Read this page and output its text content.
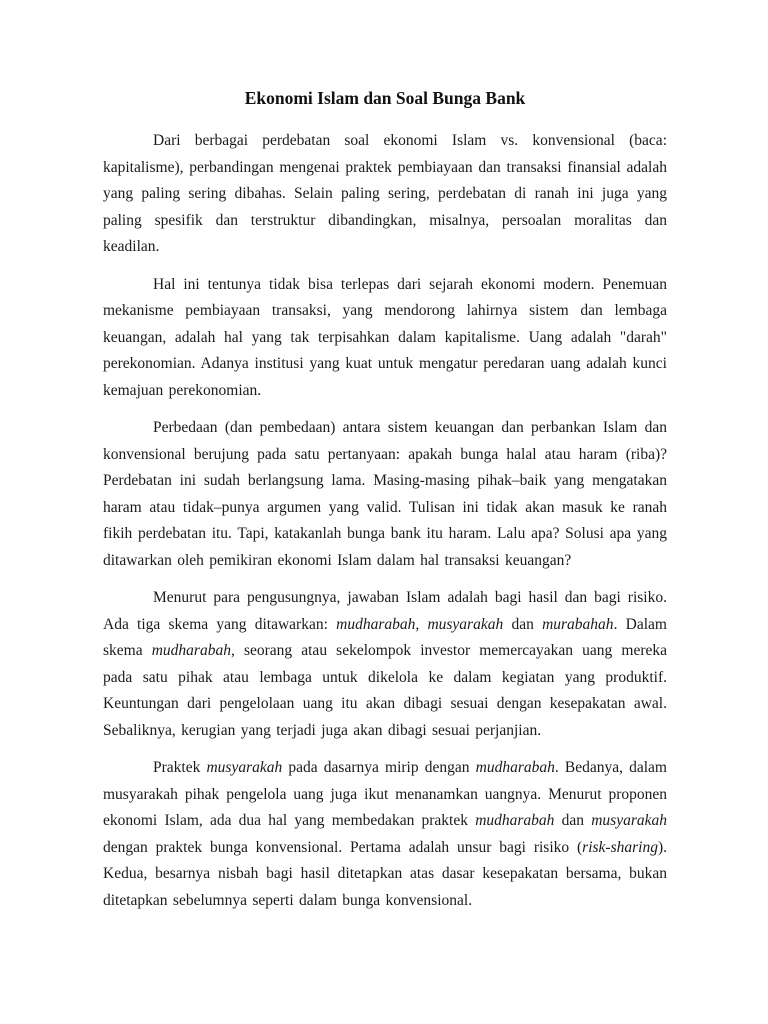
Ekonomi Islam dan Soal Bunga Bank

Dari berbagai perdebatan soal ekonomi Islam vs. konvensional (baca: kapitalisme), perbandingan mengenai praktek pembiayaan dan transaksi finansial adalah yang paling sering dibahas. Selain paling sering, perdebatan di ranah ini juga yang paling spesifik dan terstruktur dibandingkan, misalnya, persoalan moralitas dan keadilan.

Hal ini tentunya tidak bisa terlepas dari sejarah ekonomi modern. Penemuan mekanisme pembiayaan transaksi, yang mendorong lahirnya sistem dan lembaga keuangan, adalah hal yang tak terpisahkan dalam kapitalisme. Uang adalah "darah" perekonomian. Adanya institusi yang kuat untuk mengatur peredaran uang adalah kunci kemajuan perekonomian.

Perbedaan (dan pembedaan) antara sistem keuangan dan perbankan Islam dan konvensional berujung pada satu pertanyaan: apakah bunga halal atau haram (riba)? Perdebatan ini sudah berlangsung lama. Masing-masing pihak–baik yang mengatakan haram atau tidak–punya argumen yang valid. Tulisan ini tidak akan masuk ke ranah fikih perdebatan itu. Tapi, katakanlah bunga bank itu haram. Lalu apa? Solusi apa yang ditawarkan oleh pemikiran ekonomi Islam dalam hal transaksi keuangan?

Menurut para pengusungnya, jawaban Islam adalah bagi hasil dan bagi risiko. Ada tiga skema yang ditawarkan: mudharabah, musyarakah dan murabahah. Dalam skema mudharabah, seorang atau sekelompok investor memercayakan uang mereka pada satu pihak atau lembaga untuk dikelola ke dalam kegiatan yang produktif. Keuntungan dari pengelolaan uang itu akan dibagi sesuai dengan kesepakatan awal. Sebaliknya, kerugian yang terjadi juga akan dibagi sesuai perjanjian.

Praktek musyarakah pada dasarnya mirip dengan mudharabah. Bedanya, dalam musyarakah pihak pengelola uang juga ikut menanamkan uangnya. Menurut proponen ekonomi Islam, ada dua hal yang membedakan praktek mudharabah dan musyarakah dengan praktek bunga konvensional. Pertama adalah unsur bagi risiko (risk-sharing). Kedua, besarnya nisbah bagi hasil ditetapkan atas dasar kesepakatan bersama, bukan ditetapkan sebelumnya seperti dalam bunga konvensional.
